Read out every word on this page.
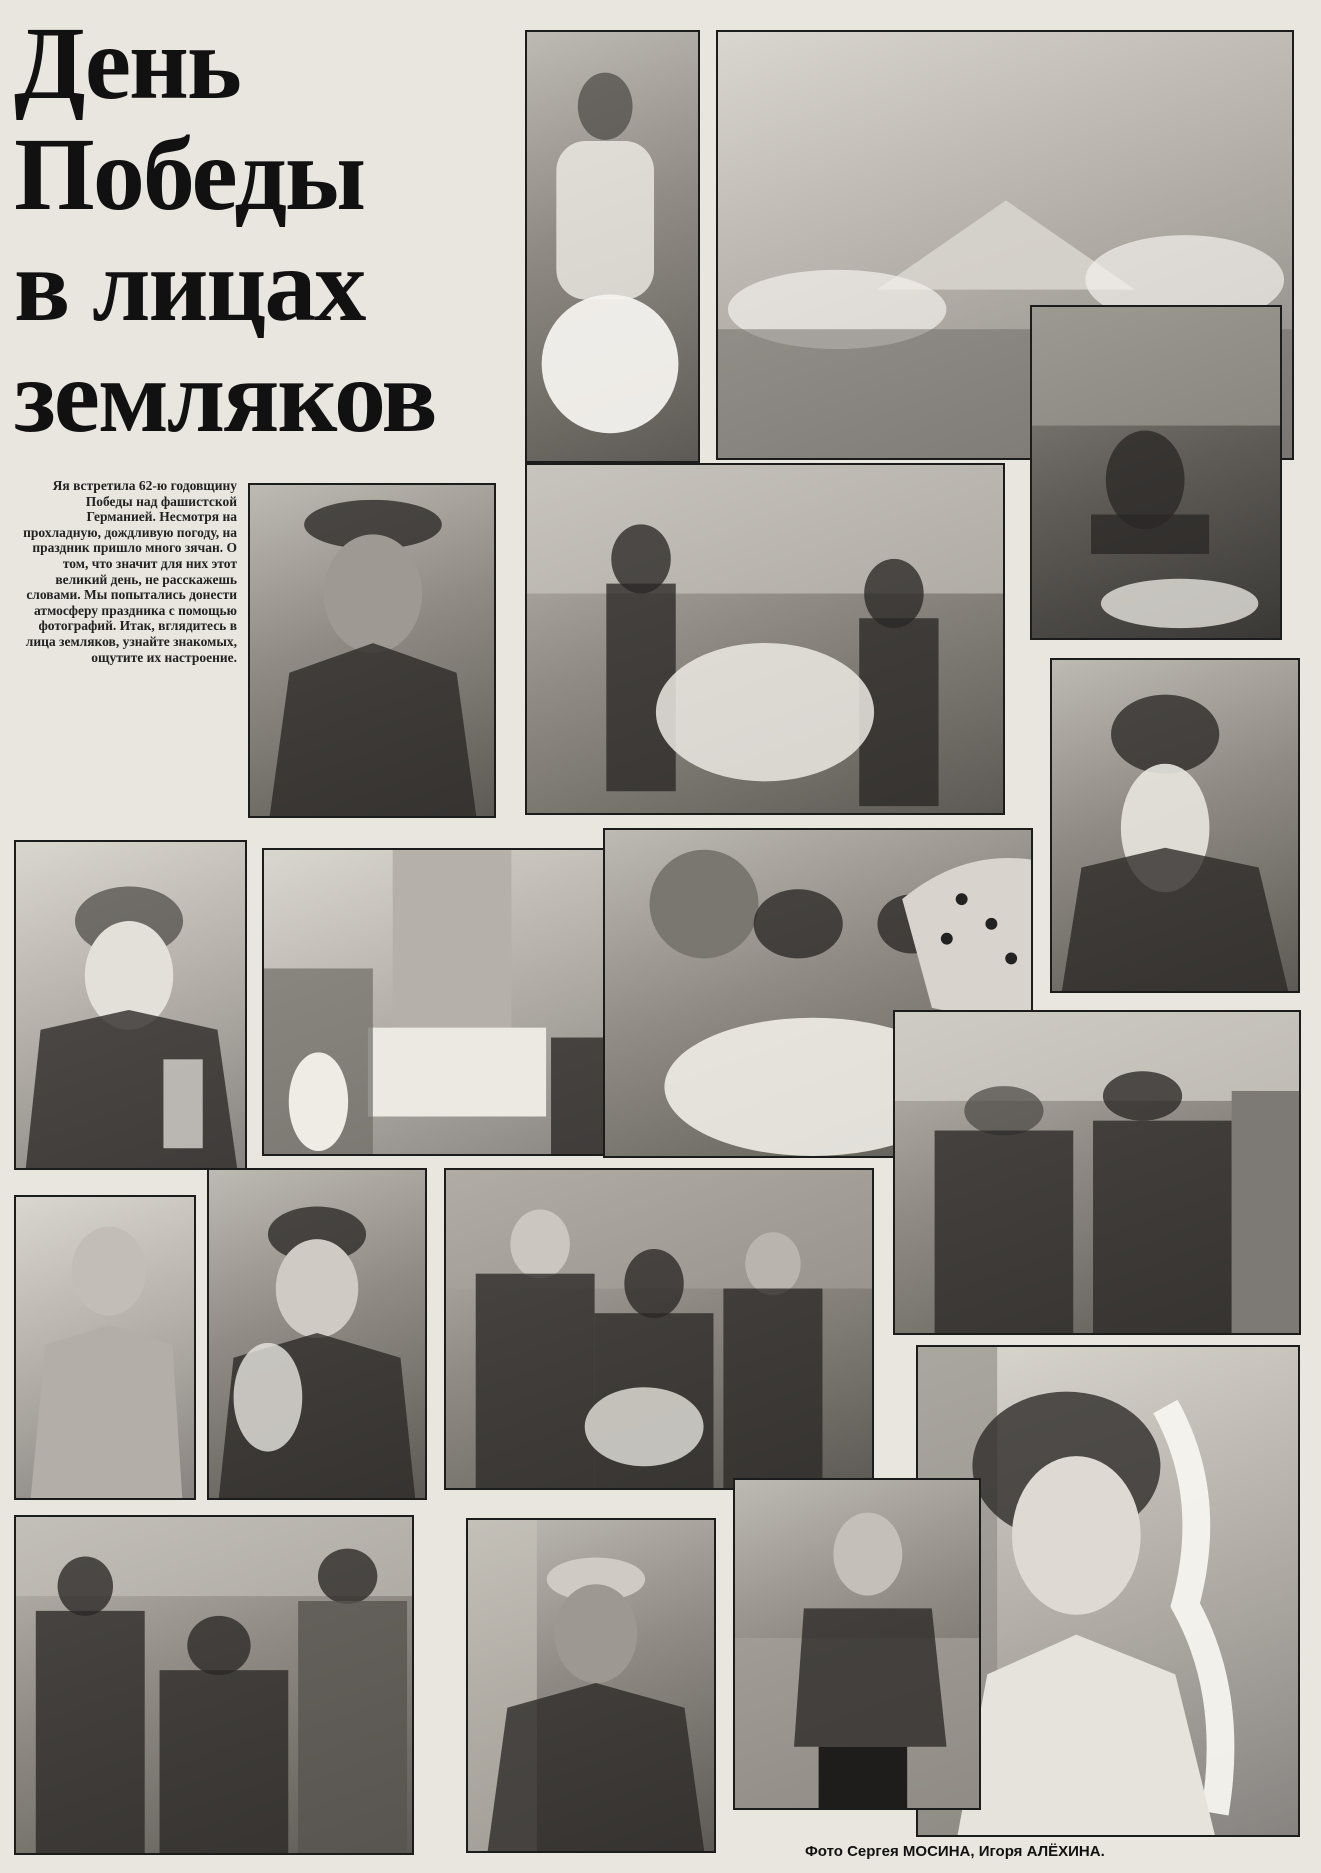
День
Победы
в лицах
земляков

Яя встретила 62-ю годовщину Победы над фашистской Германией. Несмотря на прохладную, дождливую погоду, на праздник пришло много зячан. О том, что значит для них этот великий день, не расскажешь словами. Мы попытались донести атмосферу праздника с помощью фотографий. Итак, вглядитесь в лица земляков, узнайте знакомых, ощутите их настроение.

Фото Сергея МОСИНА, Игоря АЛЁХИНА.
